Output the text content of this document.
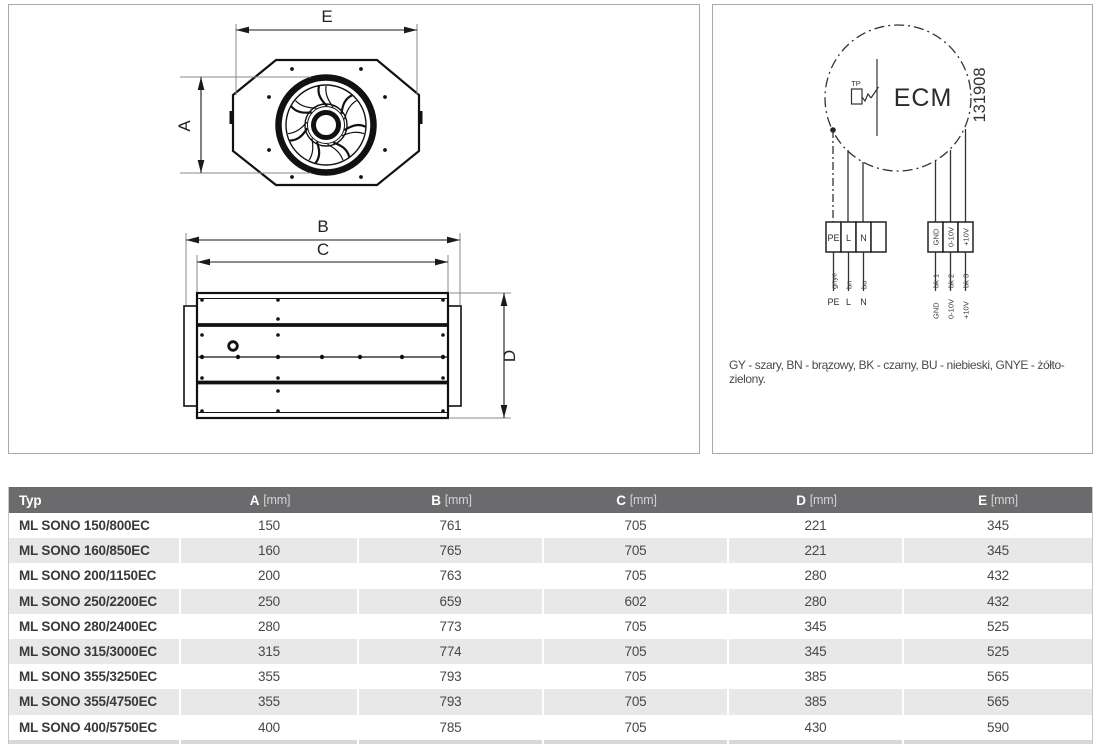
E
A
B
C
D
ECM 131908
TP
PE L N	GND 0-10V +10V
gnye bn bu	bk 1 bk 2 bk 3
PE L N
GND 0-10V +10V
GY - szary, BN - brązowy, BK - czarny, BU - niebieski, GNYE - żółto-zielony.
Typ	A [mm]	B [mm]	C [mm]	D [mm]	E [mm]
ML SONO 150/800EC	150	761	705	221	345
ML SONO 160/850EC	160	765	705	221	345
ML SONO 200/1150EC	200	763	705	280	432
ML SONO 250/2200EC	250	659	602	280	432
ML SONO 280/2400EC	280	773	705	345	525
ML SONO 315/3000EC	315	774	705	345	525
ML SONO 355/3250EC	355	793	705	385	565
ML SONO 355/4750EC	355	793	705	385	565
ML SONO 400/5750EC	400	785	705	430	590
